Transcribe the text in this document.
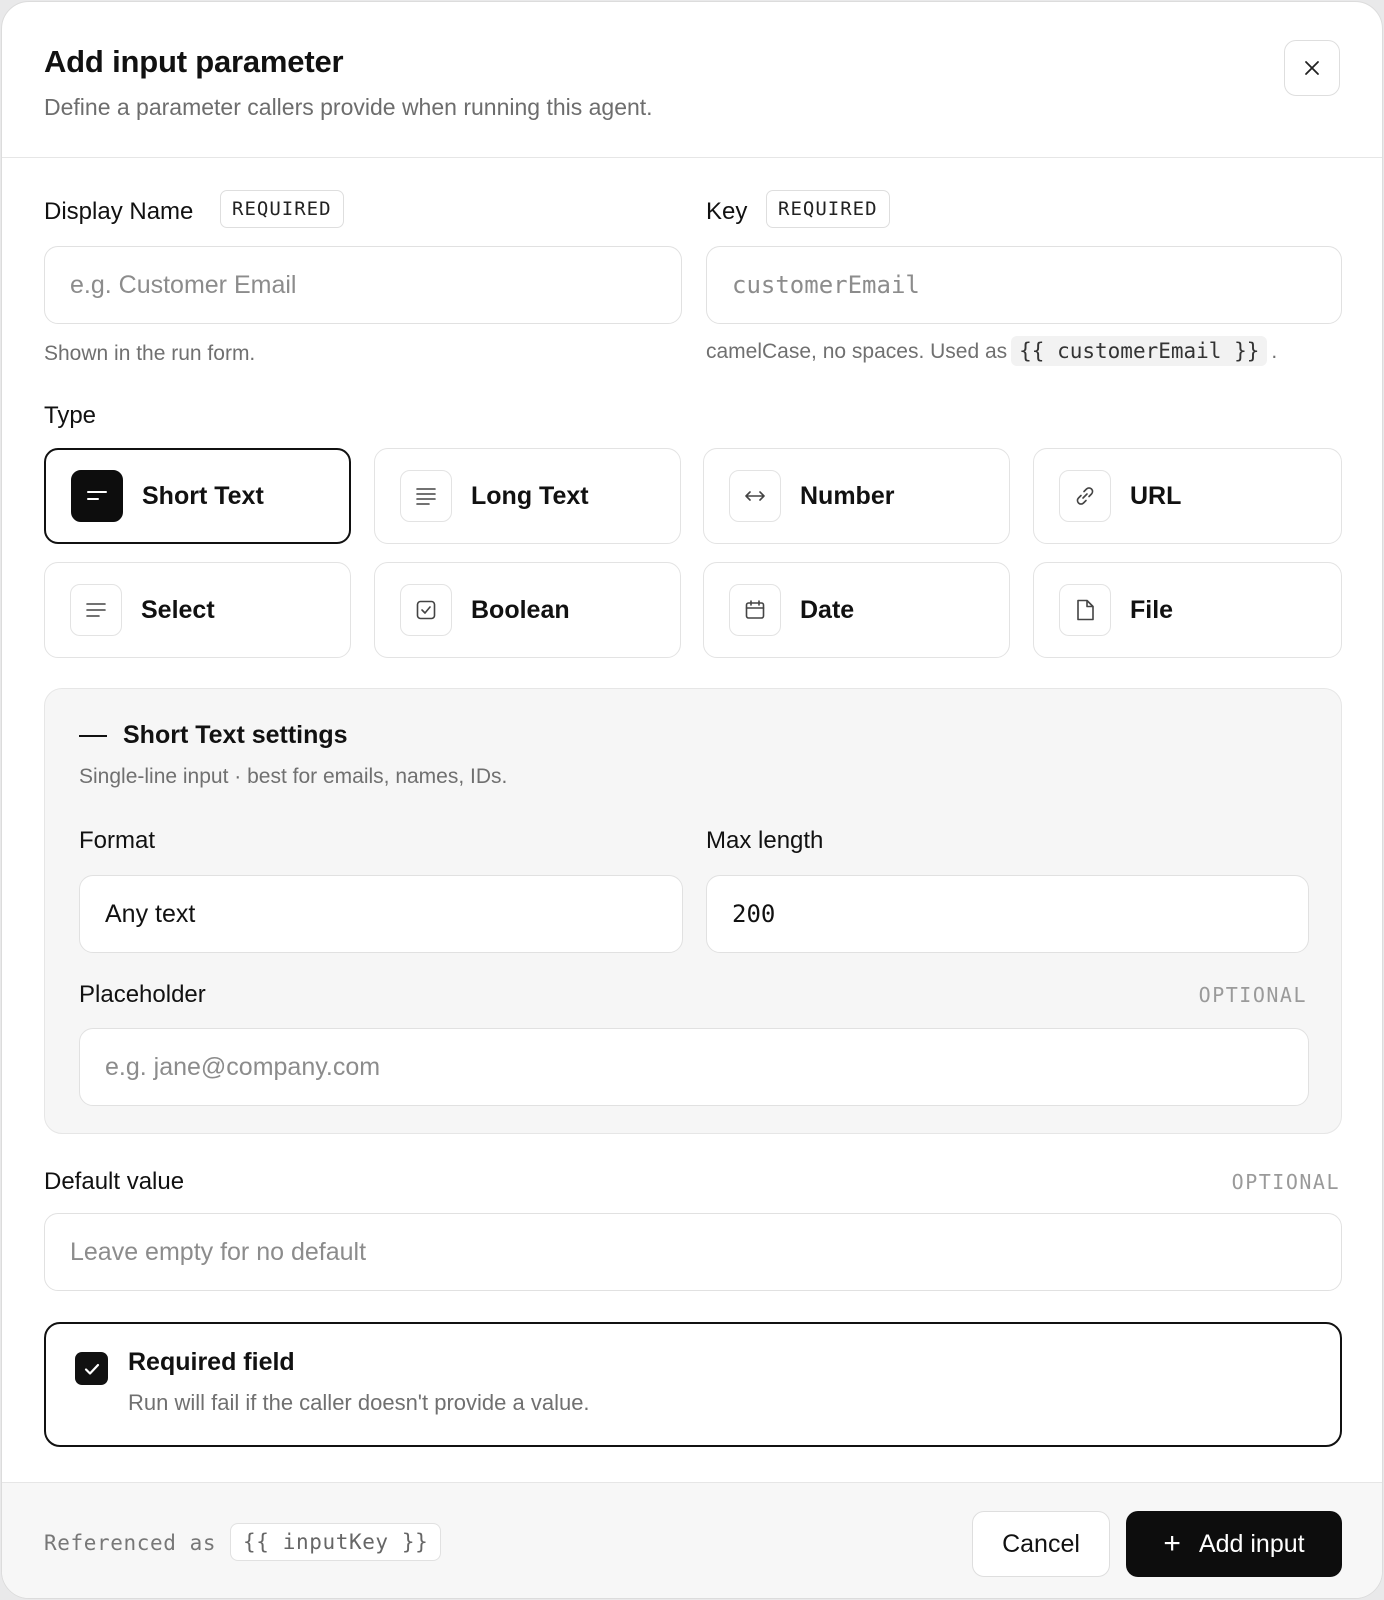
Add input parameter
Define a parameter callers provide when running this agent.
Display Name	REQUIRED
e.g. Customer Email
Shown in the run form.
Key	REQUIRED
customerEmail
camelCase, no spaces. Used as {{ customerEmail }} .
Type
Short Text	Long Text	Number	URL
Select	Boolean	Date	File
Short Text settings
Single-line input · best for emails, names, IDs.
Format
Any text
Max length
200
Placeholder	OPTIONAL
e.g. jane@company.com
Default value	OPTIONAL
Leave empty for no default
Required field
Run will fail if the caller doesn't provide a value.
Referenced as	{{ inputKey }}	Cancel	+ Add input
